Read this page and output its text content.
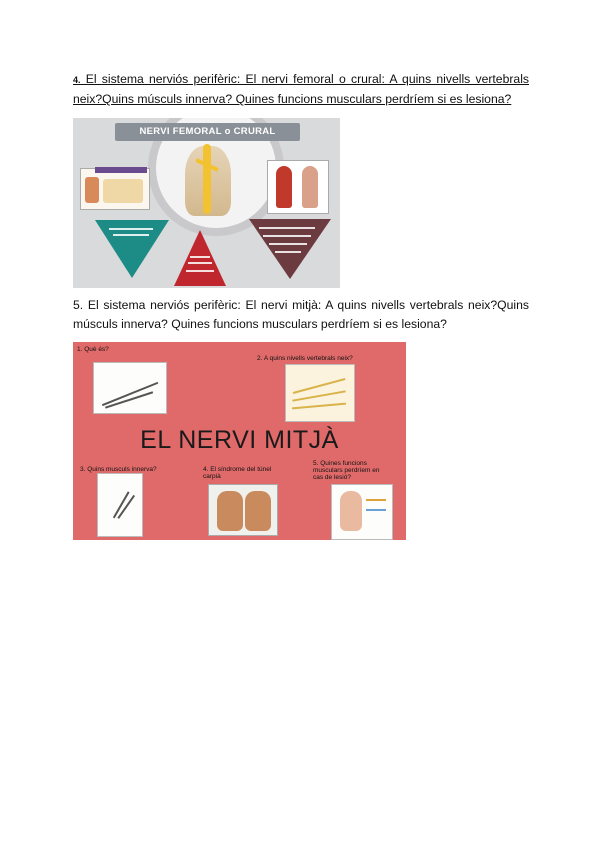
4. El sistema nerviós perifèric: El nervi femoral o crural: A quins nivells vertebrals neix?Quins músculs innerva? Quines funcions musculars perdríem si es lesiona?
NERVI FEMORAL o CRURAL
5. El sistema nerviós perifèric: El nervi mitjà: A quins nivells vertebrals neix?Quins músculs innerva? Quines funcions musculars perdríem si es lesiona?
1. Què és?
2. A quins nivells vertebrals neix?
EL NERVI MITJÀ
3. Quins musculs innerva?	4. El síndrome del túnel carpià
5. Quines funcions musculars perdríem en cas de lesió?
